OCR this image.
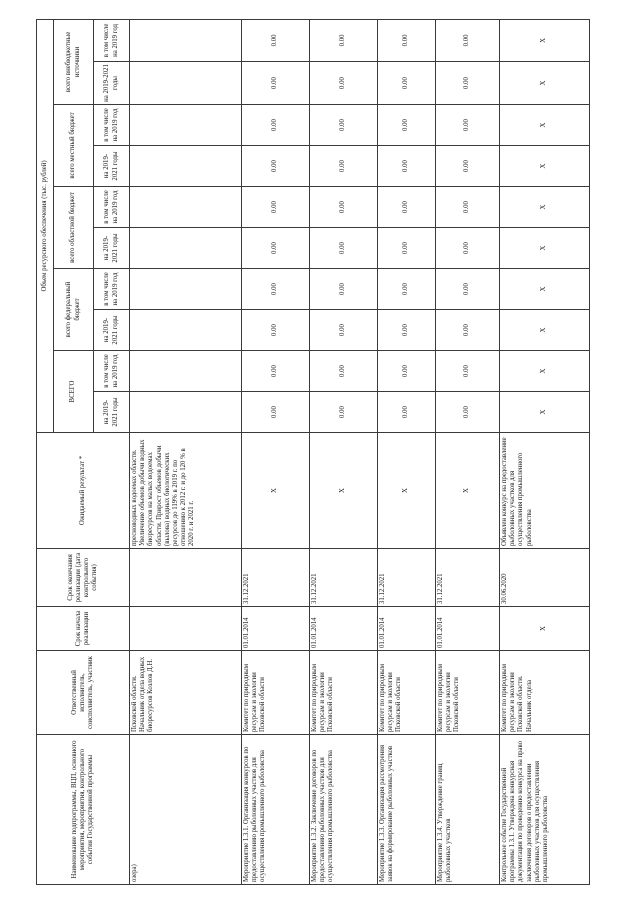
Наименование подпрограммы, ВЦП, основного мероприятия, мероприятия, контрольного события Государственной программы	Ответственный исполнитель, соисполнитель, участник	Срок начала реализации	Срок окончания реализации (дата контрольного события)	Ожидаемый результат *	Объем ресурсного обеспечения (тыс. рублей)									
					ВСЕГО		всего федеральный бюджет		всего областной бюджет		всего местный бюджет		всего внебюджетные источники	
					на 2019-2021 годы	в том числе на 2019 год	на 2019-2021 годы	в том числе на 2019 год	на 2019-2021 годы	в том числе на 2019 год	на 2019-2021 годы	в том числе на 2019 год	на 2019-2021 годы	в том числе на 2019 год
озера)	Псковской области. Начальник отдела водных биоресурсов Козлов Д.Н.			пресноводных водоемах области. Увеличение объемов добычи водных биоресурсов на малых водоемах области. Прирост объемов добычи (вылова) водных биологических ресурсов до 119% в 2019 г. по отношению к 2012 г. и до 120 % в 2020 г. и 2021 г.										
Мероприятие 1.3.1. Организация конкурсов по предоставлению рыболовных участков для осуществления промышленного рыболовства	Комитет по природным ресурсам и экологии Псковской области	01.01.2014	31.12.2021	X	0.00	0.00	0.00	0.00	0.00	0.00	0.00	0.00	0.00	0.00
Мероприятие 1.3.2. Заключение договоров по предоставлению рыболовных участков для осуществления промышленного рыболовства	Комитет по природным ресурсам и экологии Псковской области	01.01.2014	31.12.2021	X	0.00	0.00	0.00	0.00	0.00	0.00	0.00	0.00	0.00	0.00
Мероприятие 1.3.3. Организация рассмотрения заявок на формирование рыболовных участков	Комитет по природным ресурсам и экологии Псковской области	01.01.2014	31.12.2021	X	0.00	0.00	0.00	0.00	0.00	0.00	0.00	0.00	0.00	0.00
Мероприятие 1.3.4. Утверждение границ рыболовных участков	Комитет по природным ресурсам и экологии Псковской области	01.01.2014	31.12.2021	X	0.00	0.00	0.00	0.00	0.00	0.00	0.00	0.00	0.00	0.00
Контрольное событие Государственной программы 1.3.1. Утверждена конкурсная документация по проведению конкурса на право заключения договоров о предоставлении рыболовных участков для осуществления промышленного рыболовства	Комитет по природным ресурсам и экологии Псковской области. Начальник отдела	X	30.06.2020	Объявлен конкурс на предоставление рыболовных участков для осуществления промышленного рыболовства	X	X	X	X	X	X	X	X	X	X
